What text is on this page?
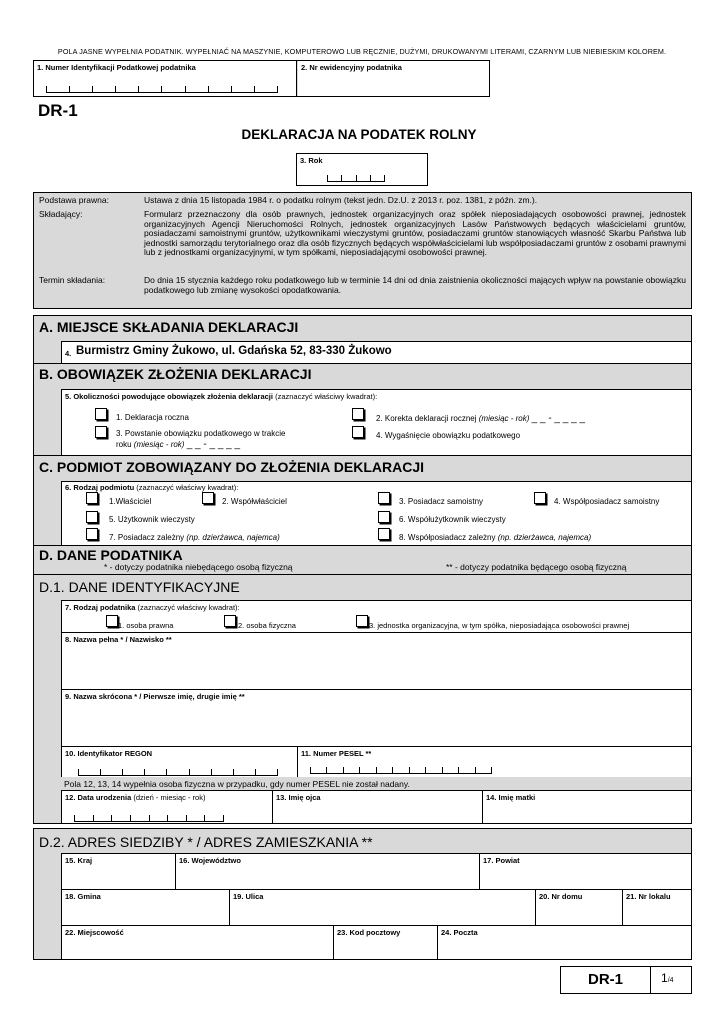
POLA JASNE WYPEŁNIA PODATNIK. WYPEŁNIAĆ NA MASZYNIE, KOMPUTEROWO LUB RĘCZNIE, DUŻYMI, DRUKOWANYMI LITERAMI, CZARNYM LUB NIEBIESKIM KOLOREM.
1. Numer Identyfikacji Podatkowej podatnika	2. Nr ewidencyjny podatnika
DR-1
DEKLARACJA NA PODATEK ROLNY
3. Rok
Podstawa prawna:	Ustawa z dnia 15 listopada 1984 r. o podatku rolnym (tekst jedn. Dz.U. z 2013 r. poz. 1381, z późn. zm.).
Składający:	Formularz przeznaczony dla osób prawnych, jednostek organizacyjnych oraz spółek nieposiadających osobowości prawnej, jednostek organizacyjnych Agencji Nieruchomości Rolnych, jednostek organizacyjnych Lasów Państwowych będących właścicielami gruntów, posiadaczami samoistnymi gruntów, użytkownikami wieczystymi gruntów, posiadaczami gruntów stanowiących własność Skarbu Państwa lub jednostki samorządu terytorialnego oraz dla osób fizycznych będących współwłaścicielami lub współposiadaczami gruntów z osobami prawnymi lub z jednostkami organizacyjnymi, w tym spółkami, nieposiadającymi osobowości prawnej.
Termin składania:	Do dnia 15 stycznia każdego roku podatkowego lub w terminie 14 dni od dnia zaistnienia okoliczności mających wpływ na powstanie obowiązku podatkowego lub zmianę wysokości opodatkowania.
A. MIEJSCE SKŁADANIA DEKLARACJI
4. Burmistrz Gminy Żukowo, ul. Gdańska 52, 83-330 Żukowo
B. OBOWIĄZEK ZŁOŻENIA DEKLARACJI
5. Okoliczności powodujące obowiązek złożenia deklaracji (zaznaczyć właściwy kwadrat):
1. Deklaracja roczna	2. Korekta deklaracji rocznej (miesiąc - rok) _ _ - _ _ _ _
3. Powstanie obowiązku podatkowego w trakcie
roku (miesiąc - rok) _ _ - _ _ _ _
4. Wygaśnięcie obowiązku podatkowego
C. PODMIOT ZOBOWIĄZANY DO ZŁOŻENIA DEKLARACJI
6. Rodzaj podmiotu (zaznaczyć właściwy kwadrat):
1.Właściciel	2. Współwłaściciel	3. Posiadacz samoistny	4. Współposiadacz samoistny
5. Użytkownik wieczysty	6. Współużytkownik wieczysty
7. Posiadacz zależny (np. dzierżawca, najemca)	8. Współposiadacz zależny (np. dzierżawca, najemca)
D. DANE PODATNIKA
* - dotyczy podatnika niebędącego osobą fizyczną	** - dotyczy podatnika będącego osobą fizyczną
D.1. DANE IDENTYFIKACYJNE
7. Rodzaj podatnika (zaznaczyć właściwy kwadrat):
1. osoba prawna	2. osoba fizyczna	3. jednostka organizacyjna, w tym spółka, nieposiadająca osobowości prawnej
8. Nazwa pełna * / Nazwisko **
9. Nazwa skrócona * / Pierwsze imię, drugie imię **
10. Identyfikator REGON	11. Numer PESEL **
Pola 12, 13, 14 wypełnia osoba fizyczna w przypadku, gdy numer PESEL nie został nadany.
12. Data urodzenia (dzień - miesiąc - rok)	13. Imię ojca	14. Imię matki
D.2. ADRES SIEDZIBY * / ADRES ZAMIESZKANIA **
15. Kraj	16. Województwo	17. Powiat
18. Gmina	19. Ulica	20. Nr domu	21. Nr lokalu
22. Miejscowość	23. Kod pocztowy	24. Poczta
DR-1	1/4
